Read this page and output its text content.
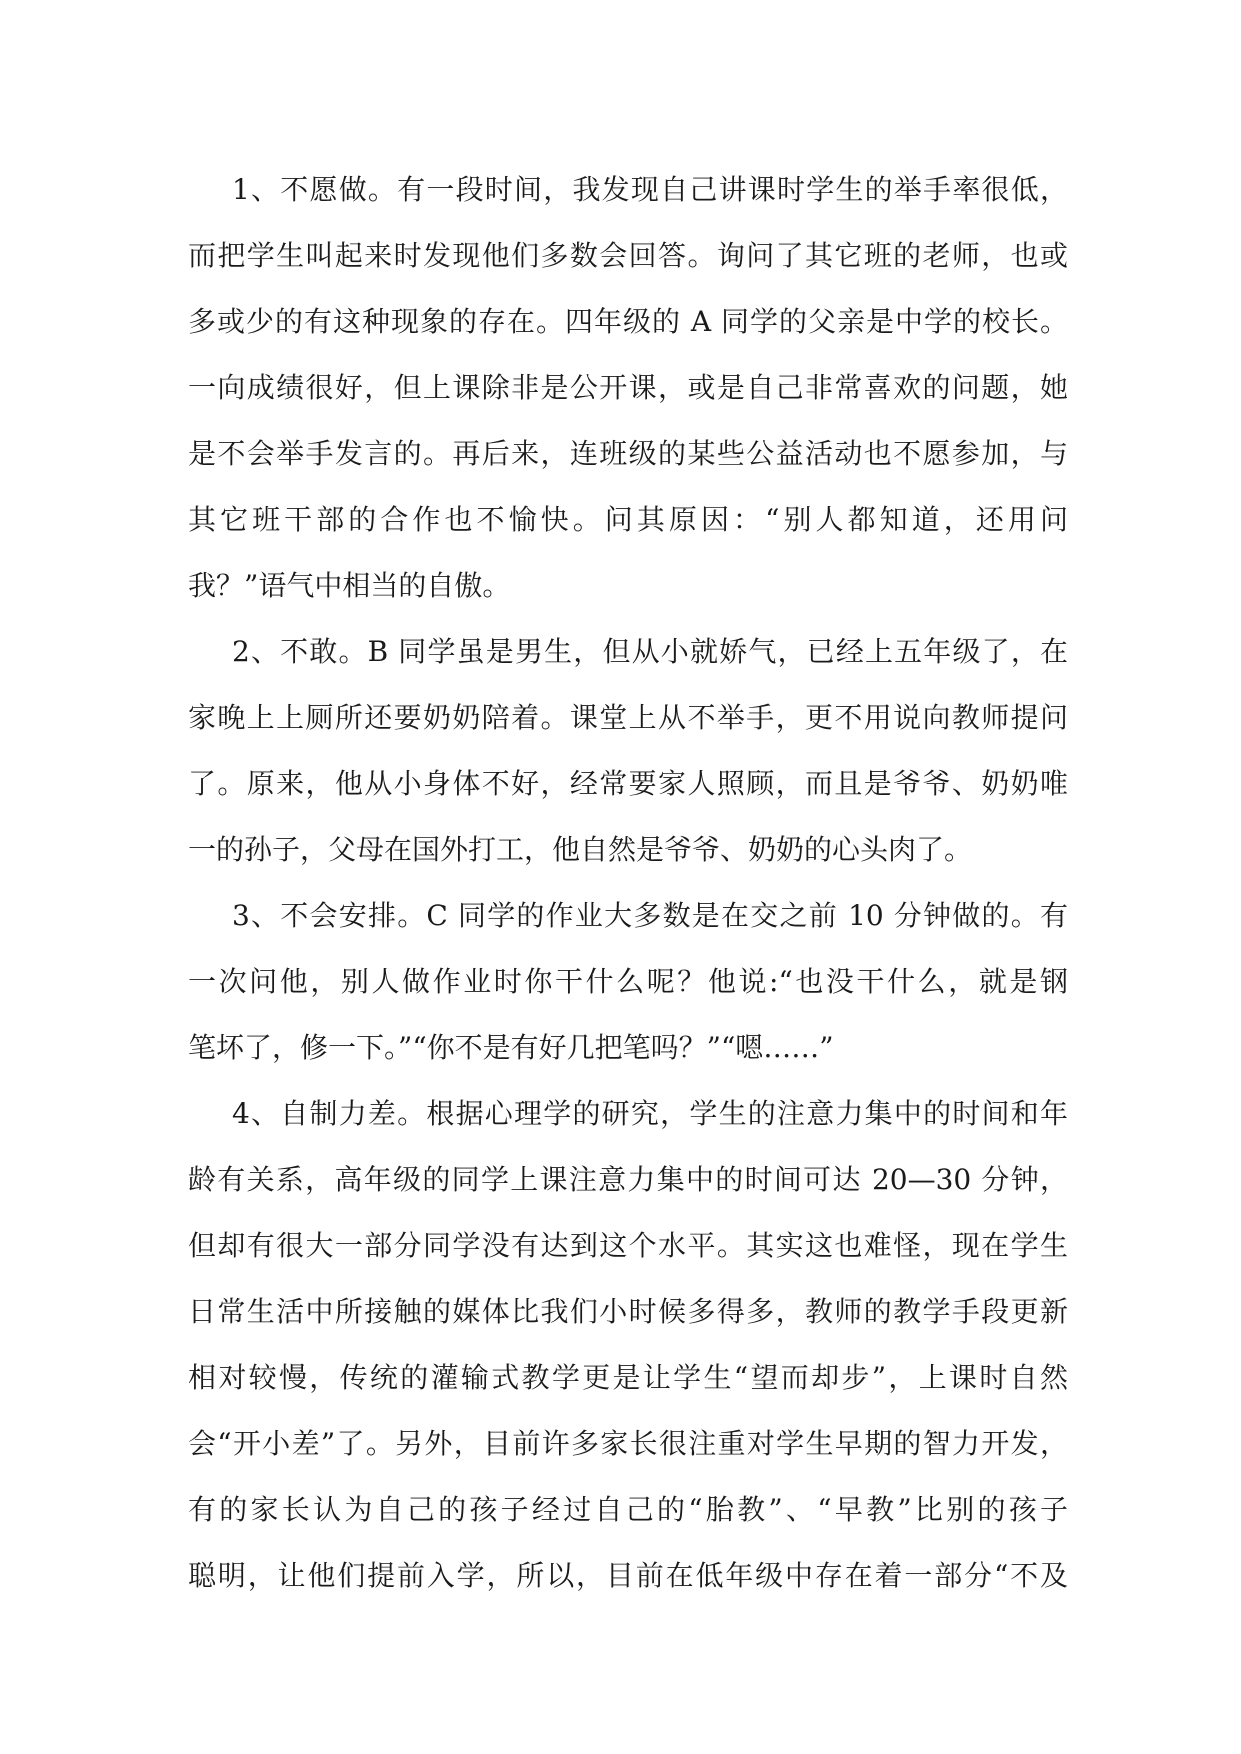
1、不愿做。有一段时间，我发现自己讲课时学生的举手率很低，
而把学生叫起来时发现他们多数会回答。询问了其它班的老师，也或
多或少的有这种现象的存在。四年级的 A 同学的父亲是中学的校长。
一向成绩很好，但上课除非是公开课，或是自己非常喜欢的问题，她
是不会举手发言的。再后来，连班级的某些公益活动也不愿参加，与
其它班干部的合作也不愉快。问其原因：“别人都知道，还用问
我？”语气中相当的自傲。
2、不敢。B 同学虽是男生，但从小就娇气，已经上五年级了，在
家晚上上厕所还要奶奶陪着。课堂上从不举手，更不用说向教师提问
了。原来，他从小身体不好，经常要家人照顾，而且是爷爷、奶奶唯
一的孙子，父母在国外打工，他自然是爷爷、奶奶的心头肉了。
3、不会安排。C 同学的作业大多数是在交之前 10 分钟做的。有
一次问他，别人做作业时你干什么呢？他说:“也没干什么，就是钢
笔坏了，修一下。”“你不是有好几把笔吗？”“嗯……”
4、自制力差。根据心理学的研究，学生的注意力集中的时间和年
龄有关系，高年级的同学上课注意力集中的时间可达 20—30 分钟，
但却有很大一部分同学没有达到这个水平。其实这也难怪，现在学生
日常生活中所接触的媒体比我们小时候多得多，教师的教学手段更新
相对较慢，传统的灌输式教学更是让学生“望而却步”，上课时自然
会“开小差”了。另外，目前许多家长很注重对学生早期的智力开发，
有的家长认为自己的孩子经过自己的“胎教”、“早教”比别的孩子
聪明，让他们提前入学，所以，目前在低年级中存在着一部分“不及
